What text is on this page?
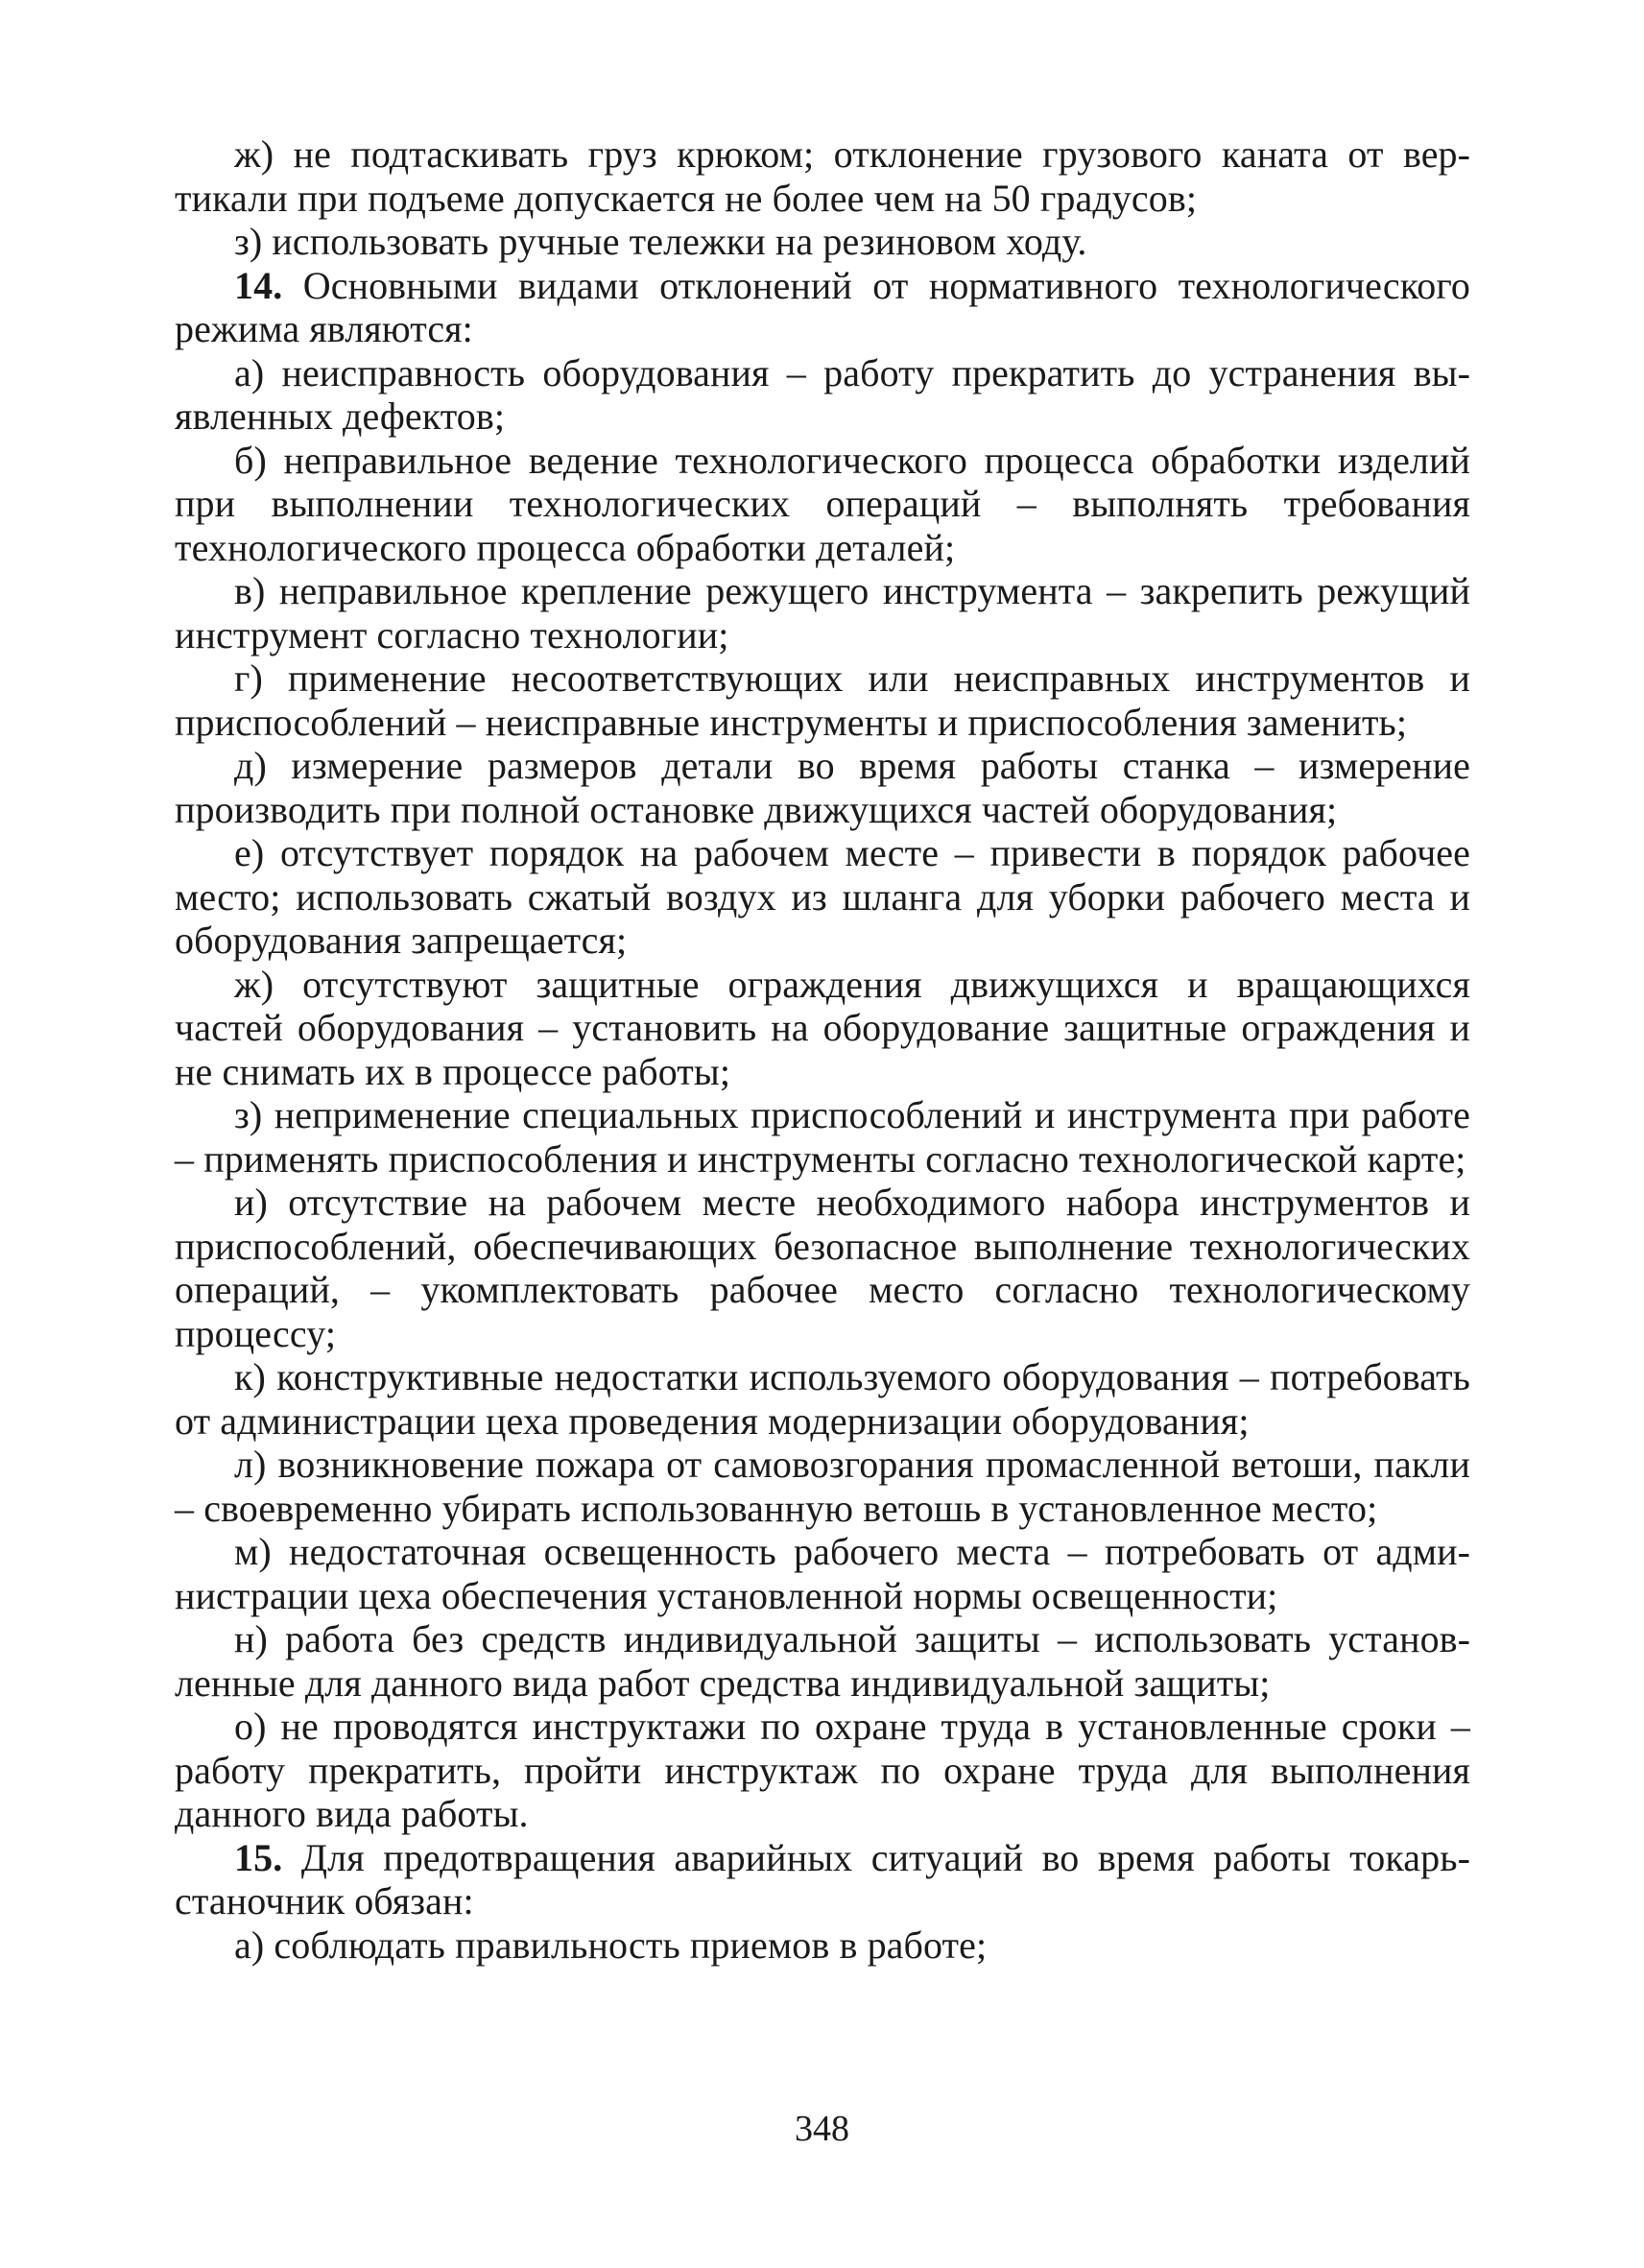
ж) не подтаскивать груз крюком; отклонение грузового каната от вертикали при подъеме допускается не более чем на 50 градусов;

з) использовать ручные тележки на резиновом ходу.

14. Основными видами отклонений от нормативного технологического режима являются:

а) неисправность оборудования – работу прекратить до устранения выявленных дефектов;

б) неправильное ведение технологического процесса обработки изделий при выполнении технологических операций – выполнять требования технологического процесса обработки деталей;

в) неправильное крепление режущего инструмента – закрепить режущий инструмент согласно технологии;

г) применение несоответствующих или неисправных инструментов и приспособлений – неисправные инструменты и приспособления заменить;

д) измерение размеров детали во время работы станка – измерение производить при полной остановке движущихся частей оборудования;

е) отсутствует порядок на рабочем месте – привести в порядок рабочее место; использовать сжатый воздух из шланга для уборки рабочего места и оборудования запрещается;

ж) отсутствуют защитные ограждения движущихся и вращающихся частей оборудования – установить на оборудование защитные ограждения и не снимать их в процессе работы;

з) неприменение специальных приспособлений и инструмента при работе – применять приспособления и инструменты согласно технологической карте;

и) отсутствие на рабочем месте необходимого набора инструментов и приспособлений, обеспечивающих безопасное выполнение технологических операций, – укомплектовать рабочее место согласно технологическому процессу;

к) конструктивные недостатки используемого оборудования – потребовать от администрации цеха проведения модернизации оборудования;

л) возникновение пожара от самовозгорания промасленной ветоши, пакли – своевременно убирать использованную ветошь в установленное место;

м) недостаточная освещенность рабочего места – потребовать от администрации цеха обеспечения установленной нормы освещенности;

н) работа без средств индивидуальной защиты – использовать установленные для данного вида работ средства индивидуальной защиты;

о) не проводятся инструктажи по охране труда в установленные сроки – работу прекратить, пройти инструктаж по охране труда для выполнения данного вида работы.

15. Для предотвращения аварийных ситуаций во время работы токарь-станочник обязан:

а) соблюдать правильность приемов в работе;

348
